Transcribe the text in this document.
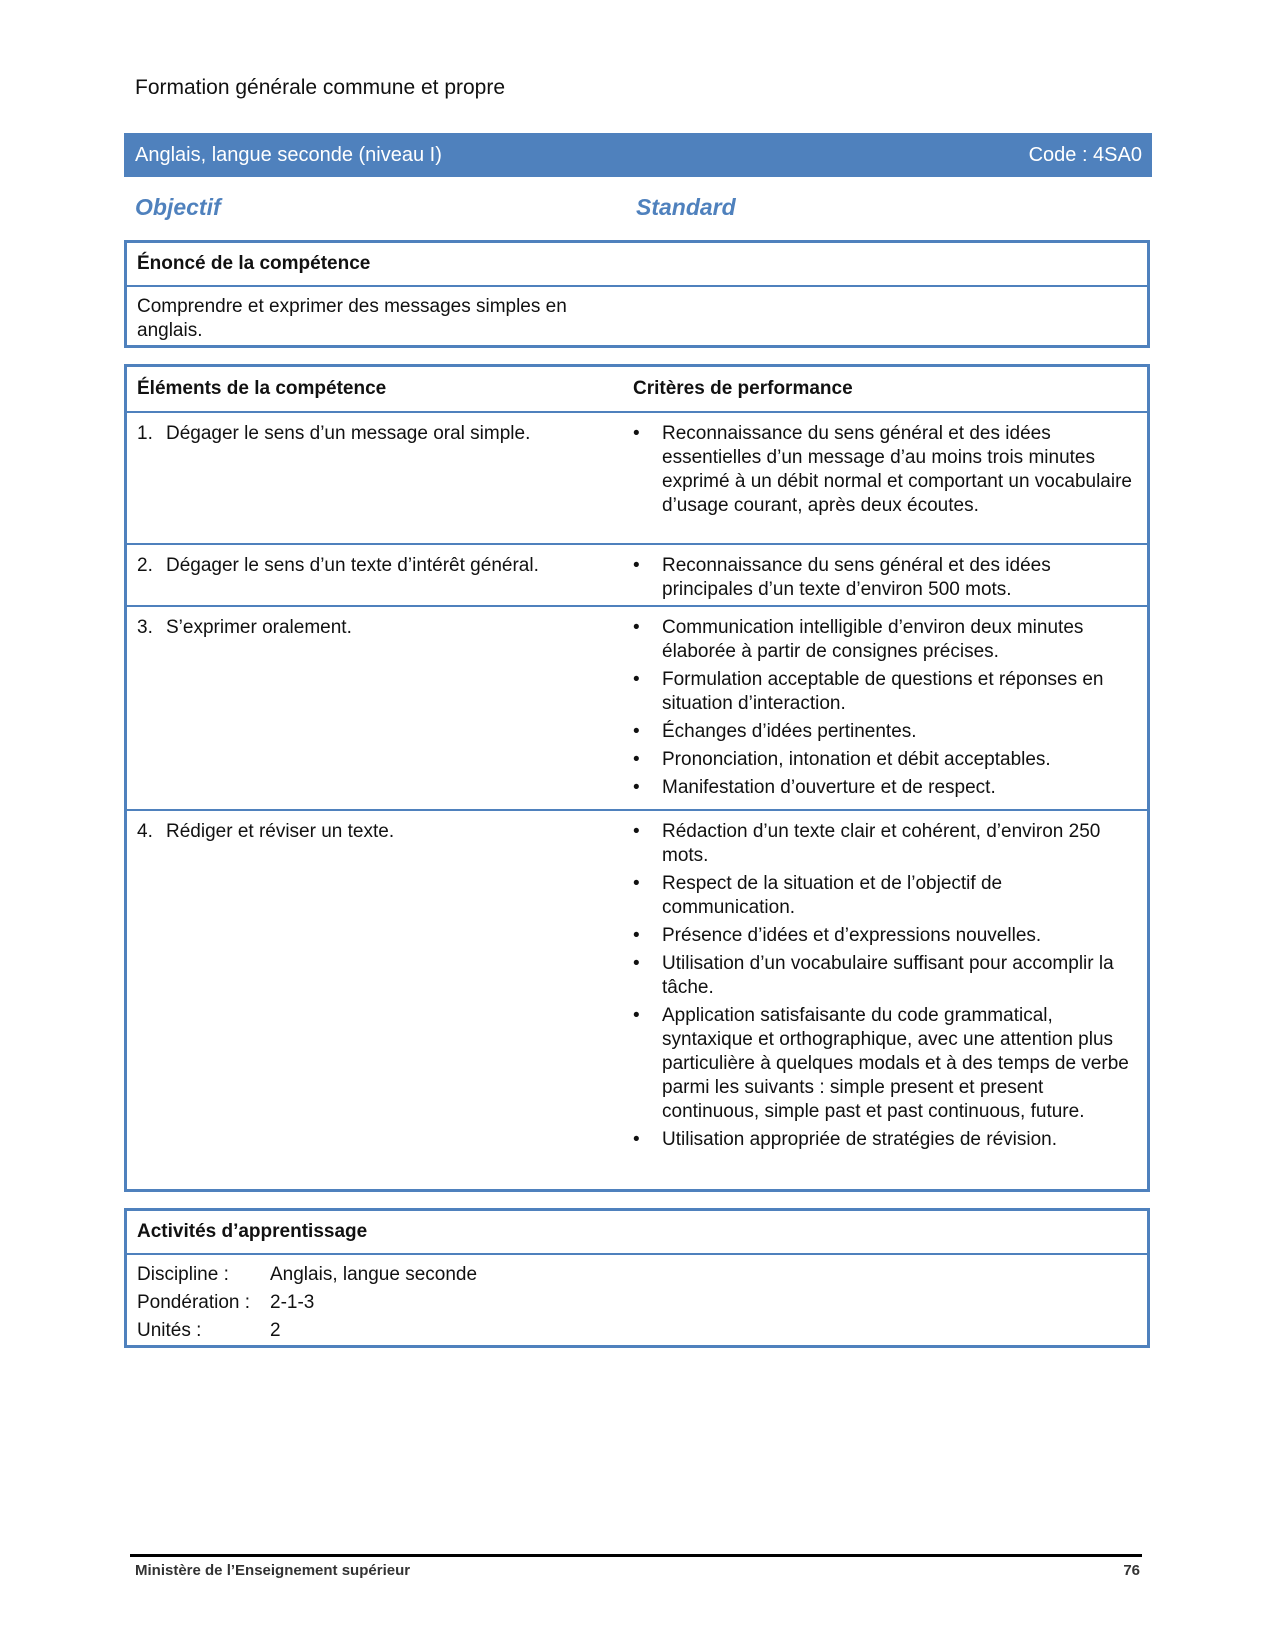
Formation générale commune et propre
Anglais, langue seconde (niveau I)	Code : 4SA0
Objectif	Standard
Énoncé de la compétence
Comprendre et exprimer des messages simples en anglais.
Éléments de la compétence	Critères de performance
1. Dégager le sens d’un message oral simple.	•	Reconnaissance du sens général et des idées essentielles d’un message d’au moins trois minutes exprimé à un débit normal et comportant un vocabulaire d’usage courant, après deux écoutes.
2. Dégager le sens d’un texte d’intérêt général.	•	Reconnaissance du sens général et des idées principales d’un texte d’environ 500 mots.
3. S’exprimer oralement.	•	Communication intelligible d’environ deux minutes élaborée à partir de consignes précises.
•	Formulation acceptable de questions et réponses en situation d’interaction.
•	Échanges d’idées pertinentes.
•	Prononciation, intonation et débit acceptables.
•	Manifestation d’ouverture et de respect.
4. Rédiger et réviser un texte.	•	Rédaction d’un texte clair et cohérent, d’environ 250 mots.
•	Respect de la situation et de l’objectif de communication.
•	Présence d’idées et d’expressions nouvelles.
•	Utilisation d’un vocabulaire suffisant pour accomplir la tâche.
•	Application satisfaisante du code grammatical, syntaxique et orthographique, avec une attention plus particulière à quelques modals et à des temps de verbe parmi les suivants : simple present et present continuous, simple past et past continuous, future.
•	Utilisation appropriée de stratégies de révision.
Activités d’apprentissage
Discipline :	Anglais, langue seconde
Pondération :	2-1-3
Unités :	2
Ministère de l’Enseignement supérieur	76
